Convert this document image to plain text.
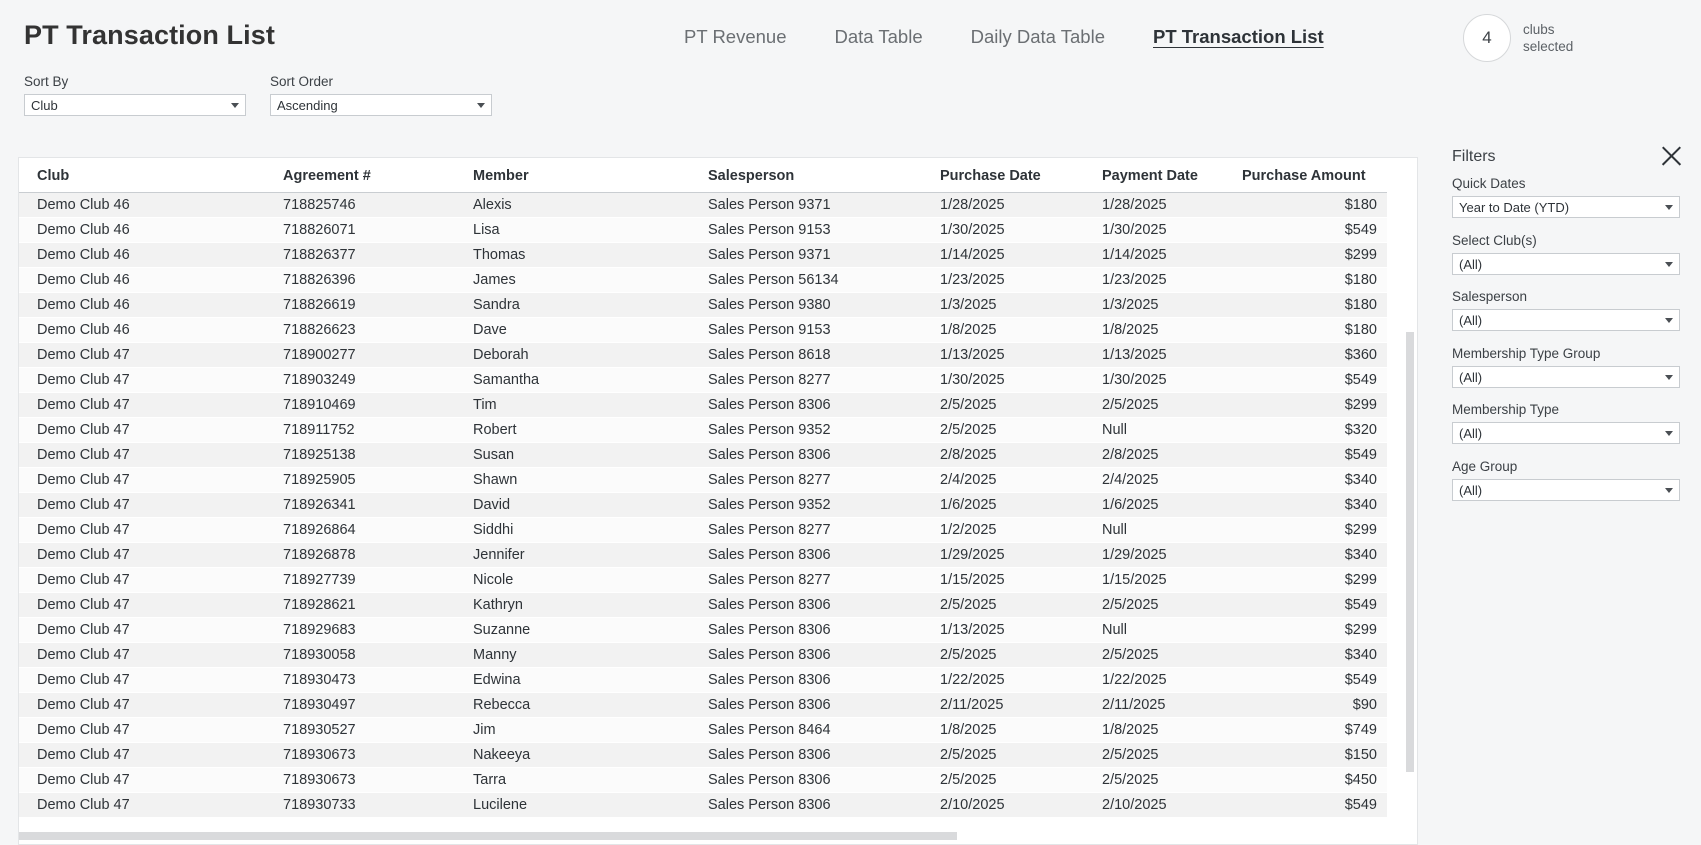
PT Transaction List	PT Revenue	Data Table	Daily Data Table	PT Transaction List	4	clubs selected
Sort By
Club
Sort Order
Ascending
Club	Agreement #	Member	Salesperson	Purchase Date	Payment Date	Purchase Amount
Demo Club 46	718825746	Alexis	Sales Person 9371	1/28/2025	1/28/2025	$180
Demo Club 46	718826071	Lisa	Sales Person 9153	1/30/2025	1/30/2025	$549
Demo Club 46	718826377	Thomas	Sales Person 9371	1/14/2025	1/14/2025	$299
Demo Club 46	718826396	James	Sales Person 56134	1/23/2025	1/23/2025	$180
Demo Club 46	718826619	Sandra	Sales Person 9380	1/3/2025	1/3/2025	$180
Demo Club 46	718826623	Dave	Sales Person 9153	1/8/2025	1/8/2025	$180
Demo Club 47	718900277	Deborah	Sales Person 8618	1/13/2025	1/13/2025	$360
Demo Club 47	718903249	Samantha	Sales Person 8277	1/30/2025	1/30/2025	$549
Demo Club 47	718910469	Tim	Sales Person 8306	2/5/2025	2/5/2025	$299
Demo Club 47	718911752	Robert	Sales Person 9352	2/5/2025	Null	$320
Demo Club 47	718925138	Susan	Sales Person 8306	2/8/2025	2/8/2025	$549
Demo Club 47	718925905	Shawn	Sales Person 8277	2/4/2025	2/4/2025	$340
Demo Club 47	718926341	David	Sales Person 9352	1/6/2025	1/6/2025	$340
Demo Club 47	718926864	Siddhi	Sales Person 8277	1/2/2025	Null	$299
Demo Club 47	718926878	Jennifer	Sales Person 8306	1/29/2025	1/29/2025	$340
Demo Club 47	718927739	Nicole	Sales Person 8277	1/15/2025	1/15/2025	$299
Demo Club 47	718928621	Kathryn	Sales Person 8306	2/5/2025	2/5/2025	$549
Demo Club 47	718929683	Suzanne	Sales Person 8306	1/13/2025	Null	$299
Demo Club 47	718930058	Manny	Sales Person 8306	2/5/2025	2/5/2025	$340
Demo Club 47	718930473	Edwina	Sales Person 8306	1/22/2025	1/22/2025	$549
Demo Club 47	718930497	Rebecca	Sales Person 8306	2/11/2025	2/11/2025	$90
Demo Club 47	718930527	Jim	Sales Person 8464	1/8/2025	1/8/2025	$749
Demo Club 47	718930673	Nakeeya	Sales Person 8306	2/5/2025	2/5/2025	$150
Demo Club 47	718930673	Tarra	Sales Person 8306	2/5/2025	2/5/2025	$450
Demo Club 47	718930733	Lucilene	Sales Person 8306	2/10/2025	2/10/2025	$549
Filters
Quick Dates
Year to Date (YTD)
Select Club(s)
(All)
Salesperson
(All)
Membership Type Group
(All)
Membership Type
(All)
Age Group
(All)
